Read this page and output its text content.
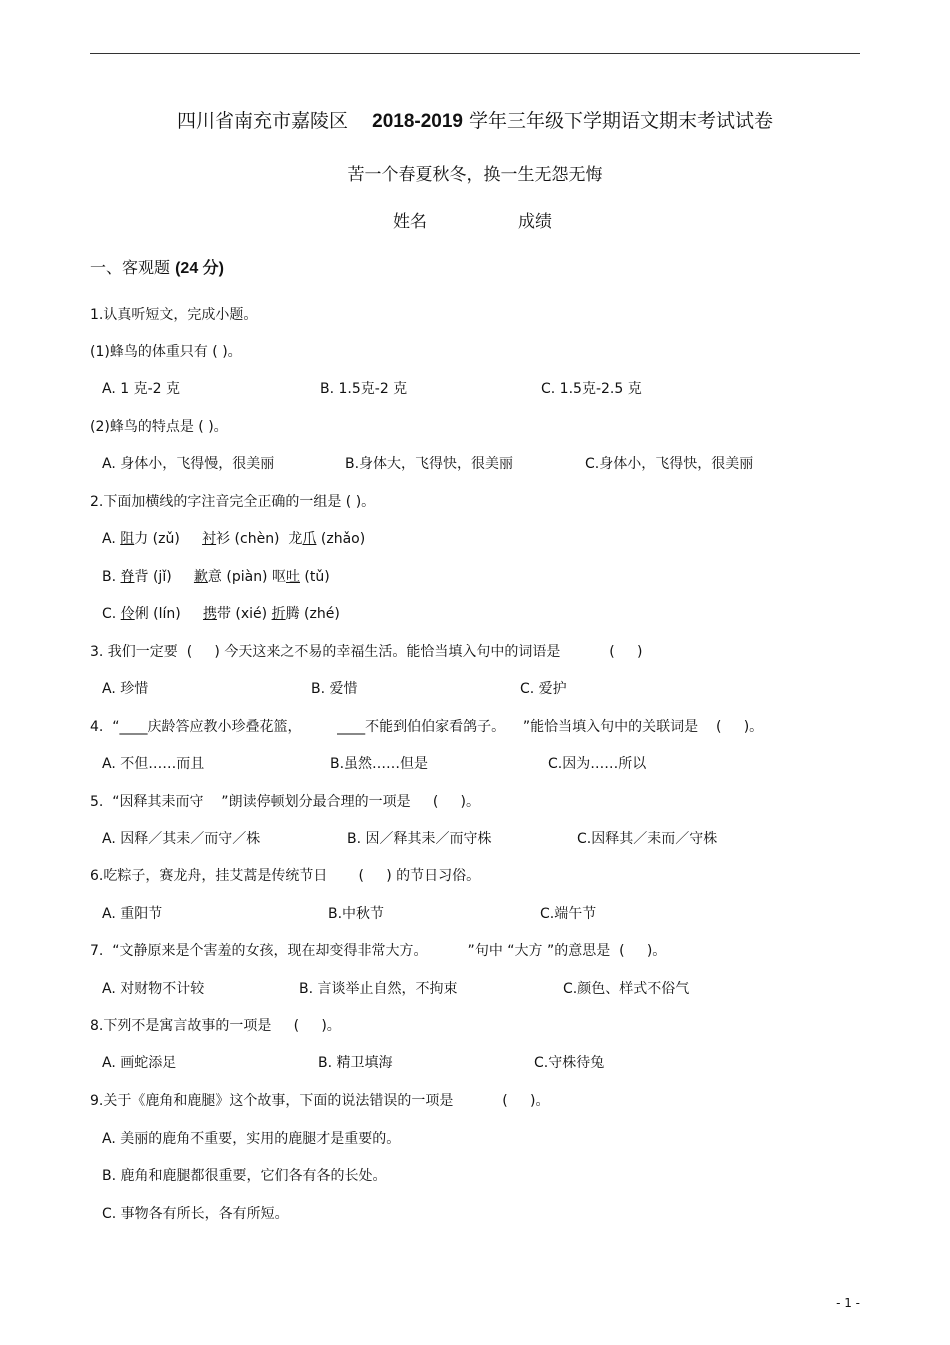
四川省南充市嘉陵区 2018-2019 学年三年级下学期语文期末考试试卷
苦一个春夏秋冬，换一生无怨无悔
姓名	成绩
一、客观题 (24 分)
1.认真听短文，完成小题。
(1)蜂鸟的体重只有 ( )。
A. 1 克-2 克	B. 1.5克-2 克	C. 1.5克-2.5 克
(2)蜂鸟的特点是 ( )。
A. 身体小，飞得慢，很美丽	B.身体大，飞得快，很美丽	C.身体小，飞得快，很美丽
2.下面加横线的字注音完全正确的一组是 ( )。
A. 阻力 (zǔ)     衬衫 (chèn)  龙爪 (zhǎo)
B. 脊背 (jǐ)     歉意 (piàn) 呕吐 (tǔ)
C. 伶俐 (lín)     携带 (xié) 折腾 (zhé)
3. 我们一定要  (     ) 今天这来之不易的幸福生活。能恰当填入句中的词语是           (     )
A. 珍惜	B. 爱惜	C. 爱护
4.  “____庆龄答应教小珍叠花篮，        ____不能到伯伯家看鸽子。    ”能恰当填入句中的关联词是    (     )。
A. 不但……而且	B.虽然……但是	C.因为……所以
5.  “因释其耒而守    ”朗读停顿划分最合理的一项是     (     )。
A. 因释／其耒／而守／株	B. 因／释其耒／而守株	C.因释其／耒而／守株
6.吃粽子，赛龙舟，挂艾蒿是传统节日       (     ) 的节日习俗。
A. 重阳节	B.中秋节	C.端午节
7.  “文静原来是个害羞的女孩，现在却变得非常大方。         ”句中 “大方 ”的意思是  (     )。
A. 对财物不计较	B. 言谈举止自然，不拘束	C.颜色、样式不俗气
8.下列不是寓言故事的一项是     (     )。
A. 画蛇添足	B. 精卫填海	C.守株待兔
9.关于《鹿角和鹿腿》这个故事，下面的说法错误的一项是           (     )。
A. 美丽的鹿角不重要，实用的鹿腿才是重要的。
B. 鹿角和鹿腿都很重要，它们各有各的长处。
C. 事物各有所长，各有所短。
- 1 -
